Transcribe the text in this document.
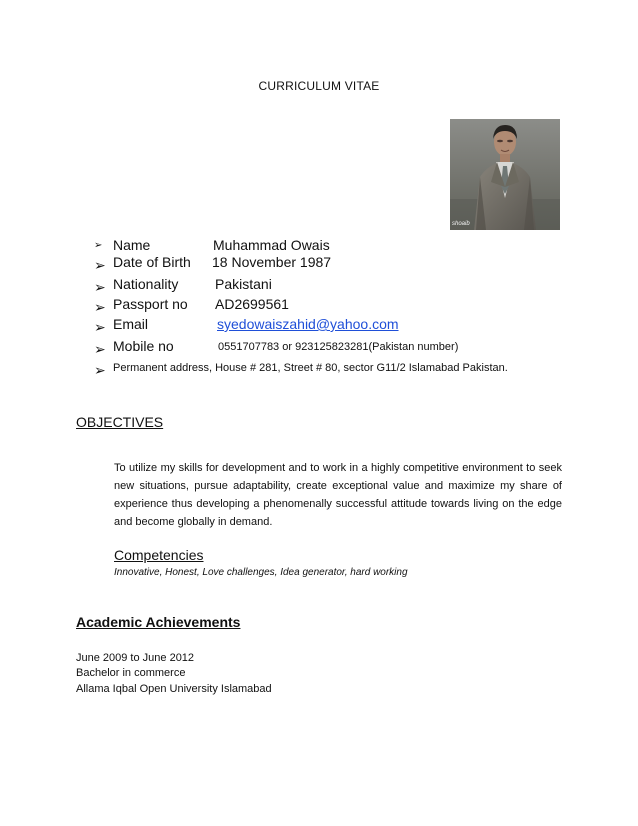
CURRICULUM VITAE
shoaib
➢ Name	Muhammad Owais
➢ Date of Birth 18 November 1987
➢ Nationality	Pakistani
➢ Passport no AD2699561
➢ Email	syedowaiszahid@yahoo.com
➢ Mobile no	0551707783 or 923125823281(Pakistan number)
➢ Permanent address, House # 281, Street # 80, sector G11/2 Islamabad Pakistan.
OBJECTIVES
To utilize my skills for development and to work in a highly competitive environment to seek new situations, pursue adaptability, create exceptional value and maximize my share of experience thus developing a phenomenally successful attitude towards living on the edge and become globally in demand.
Competencies
Innovative, Honest, Love challenges, Idea generator, hard working
Academic Achievements
June 2009 to June 2012
Bachelor in commerce
Allama Iqbal Open University Islamabad
